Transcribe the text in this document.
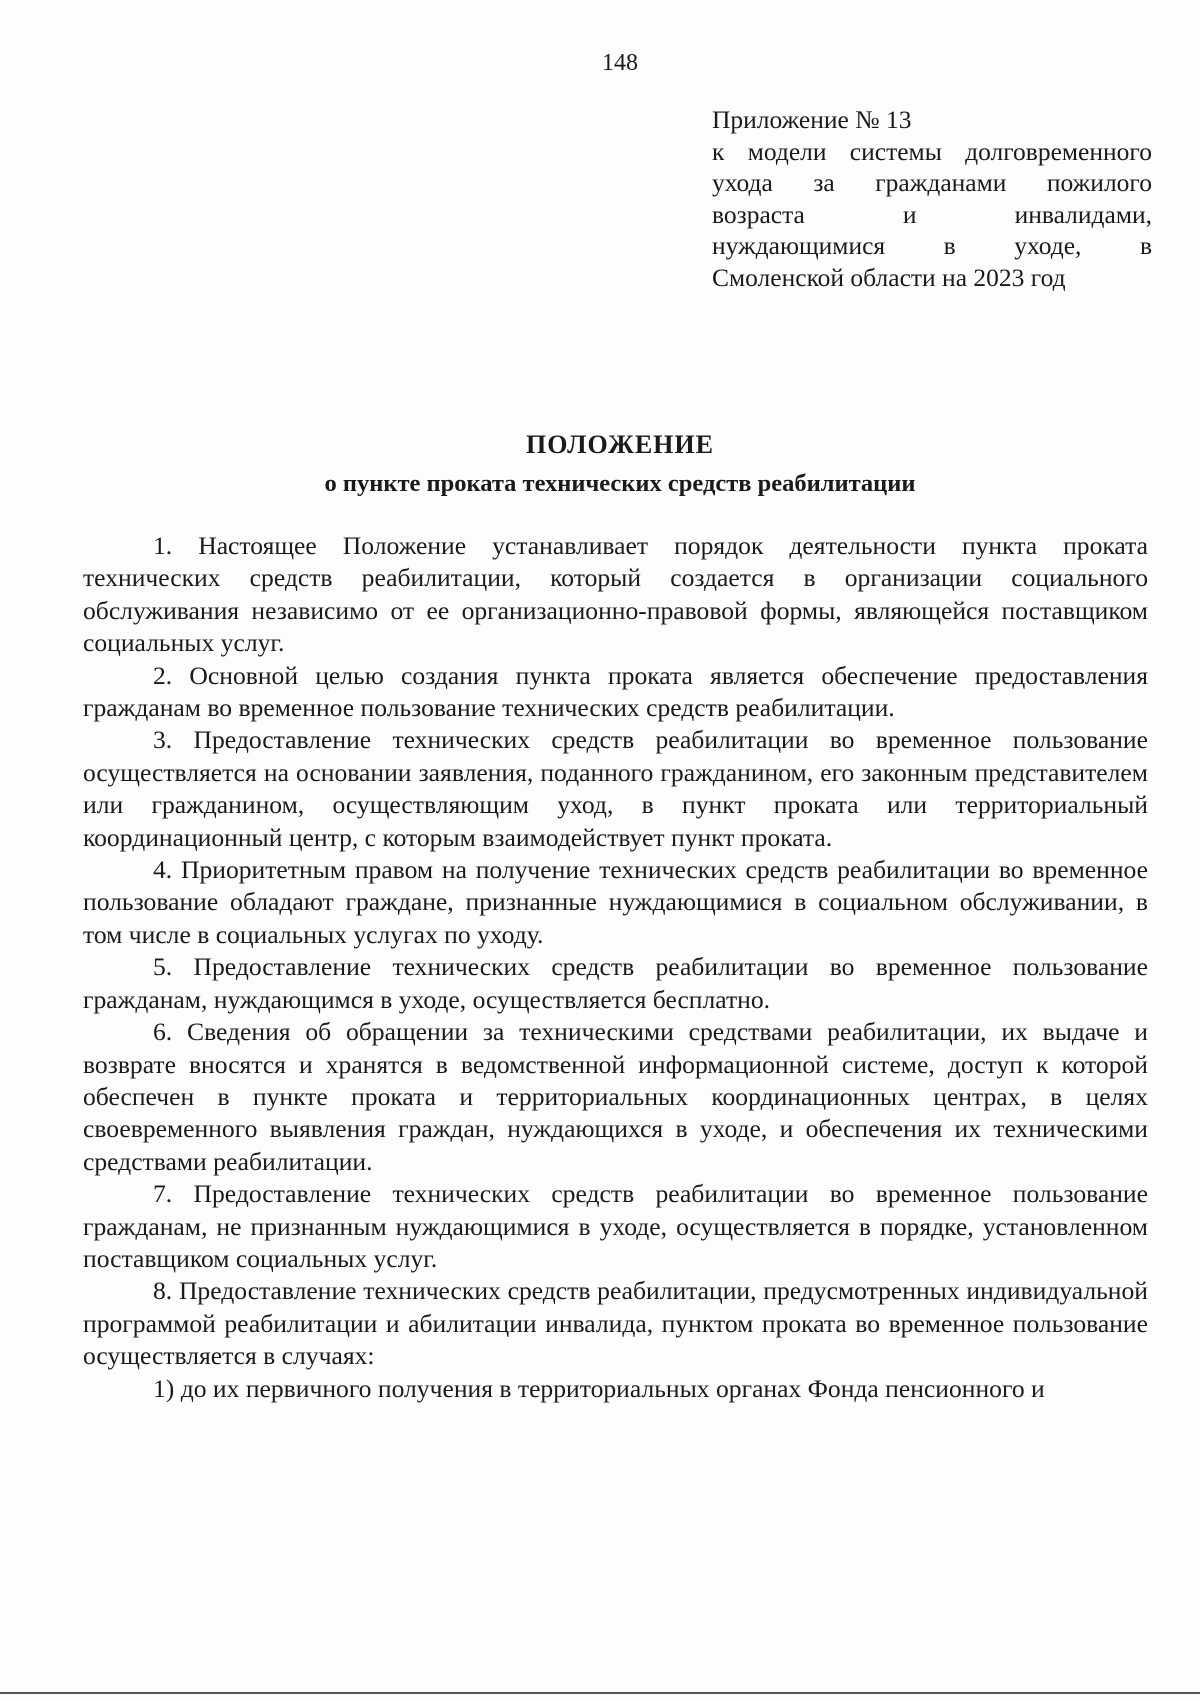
148
Приложение № 13
к модели системы долговременного
ухода за гражданами пожилого
возраста и инвалидами,
нуждающимися в уходе, в
Смоленской области на 2023 год
ПОЛОЖЕНИЕ
о пункте проката технических средств реабилитации

1. Настоящее Положение устанавливает порядок деятельности пункта проката технических средств реабилитации, который создается в организации социального обслуживания независимо от ее организационно-правовой формы, являющейся поставщиком социальных услуг.

2. Основной целью создания пункта проката является обеспечение предоставления гражданам во временное пользование технических средств реабилитации.

3. Предоставление технических средств реабилитации во временное пользование осуществляется на основании заявления, поданного гражданином, его законным представителем или гражданином, осуществляющим уход, в пункт проката или территориальный координационный центр, с которым взаимодействует пункт проката.

4. Приоритетным правом на получение технических средств реабилитации во временное пользование обладают граждане, признанные нуждающимися в социальном обслуживании, в том числе в социальных услугах по уходу.

5. Предоставление технических средств реабилитации во временное пользование гражданам, нуждающимся в уходе, осуществляется бесплатно.

6. Сведения об обращении за техническими средствами реабилитации, их выдаче и возврате вносятся и хранятся в ведомственной информационной системе, доступ к которой обеспечен в пункте проката и территориальных координационных центрах, в целях своевременного выявления граждан, нуждающихся в уходе, и обеспечения их техническими средствами реабилитации.

7. Предоставление технических средств реабилитации во временное пользование гражданам, не признанным нуждающимися в уходе, осуществляется в порядке, установленном поставщиком социальных услуг.

8. Предоставление технических средств реабилитации, предусмотренных индивидуальной программой реабилитации и абилитации инвалида, пунктом проката во временное пользование осуществляется в случаях:

1) до их первичного получения в территориальных органах Фонда пенсионного и
